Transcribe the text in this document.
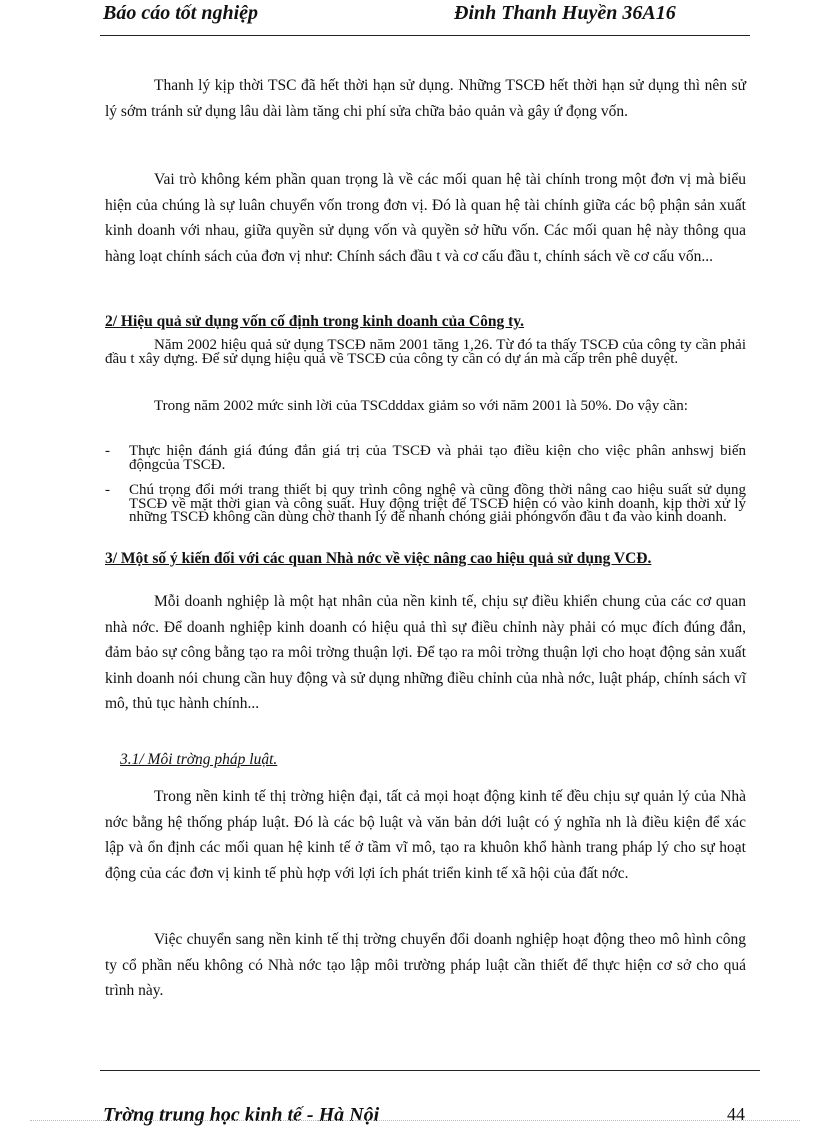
Báo cáo tốt nghiệp	Đinh Thanh Huyền 36A16

Thanh lý kịp thời TSC đã hết thời hạn sử dụng. Những TSCĐ hết thời hạn sử dụng thì nên sử lý sớm tránh sử dụng lâu dài làm tăng chi phí sửa chữa bảo quản và gây ứ đọng vốn.

Vai trò không kém phần quan trọng là về các mối quan hệ tài chính trong một đơn vị mà biểu hiện của chúng là sự luân chuyển vốn trong đơn vị. Đó là quan hệ tài chính giữa các bộ phận sản xuất kinh doanh với nhau, giữa quyền sử dụng vốn và quyền sở hữu vốn. Các mối quan hệ này thông qua hàng loạt chính sách của đơn vị như: Chính sách đầu t và cơ cấu đầu t, chính sách về cơ cấu vốn...

2/ Hiệu quả sử dụng vốn cố định trong kinh doanh của Công ty.

Năm 2002 hiệu quả sử dụng TSCĐ năm 2001 tăng 1,26. Từ đó ta thấy TSCĐ của công ty cần phải đầu t xây dựng. Để sử dụng hiệu quả về TSCĐ của công ty cần có dự án mà cấp trên phê duyệt.

Trong năm 2002 mức sinh lời của TSCdddax giảm so với năm 2001 là 50%. Do vậy cần:

- Thực hiện đánh giá đúng đắn giá trị của TSCĐ và phải tạo điều kiện cho việc phân anhswj biến độngcủa TSCĐ.
- Chú trọng đổi mới trang thiết bị quy trình công nghệ và cũng đồng thời nâng cao hiệu suất sử dụng TSCĐ về mặt thời gian và công suất. Huy động triệt để TSCĐ hiện có vào kinh doanh, kịp thời xử lý những TSCĐ không cần dùng chờ thanh lý để nhanh chóng giải phóngvốn đầu t đa vào kinh doanh.

3/ Một số ý kiến đối với các quan Nhà nớc về việc nâng cao hiệu quả sử dụng VCĐ.

Mỗi doanh nghiệp là một hạt nhân của nền kinh tế, chịu sự điều khiển chung của các cơ quan nhà nớc. Để doanh nghiệp kinh doanh có hiệu quả thì sự điều chỉnh này phải có mục đích đúng đắn, đảm bảo sự công bằng tạo ra môi trờng thuận lợi. Để tạo ra môi trờng thuận lợi cho hoạt động sản xuất kinh doanh nói chung cần huy động và sử dụng những điều chỉnh của nhà nớc, luật pháp, chính sách vĩ mô, thủ tục hành chính...

3.1/ Môi trờng pháp luật.

Trong nền kinh tế thị trờng hiện đại, tất cả mọi hoạt động kinh tế đều chịu sự quản lý của Nhà nớc bằng hệ thống pháp luật. Đó là các bộ luật và văn bản dới luật có ý nghĩa nh là điều kiện để xác lập và ổn định các mối quan hệ kinh tế ở tầm vĩ mô, tạo ra khuôn khổ hành trang pháp lý cho sự hoạt động của các đơn vị kinh tế phù hợp với lợi ích phát triển kinh tế xã hội của đất nớc.

Việc chuyển sang nền kinh tế thị trờng chuyển đổi doanh nghiệp hoạt động theo mô hình công ty cổ phần nếu không có Nhà nớc tạo lập môi trường pháp luật cần thiết để thực hiện cơ sở cho quá trình này.

Trờng trung học kinh tế - Hà Nội	44
